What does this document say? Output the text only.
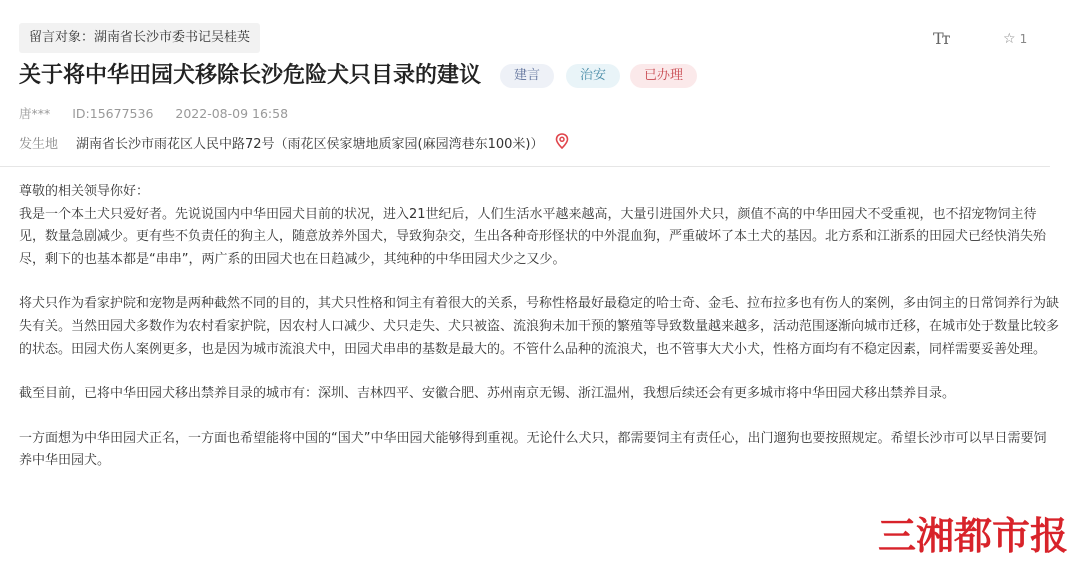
留言对象：湖南省长沙市委书记吴桂英	Tт	☆ 1
关于将中华田园犬移除长沙危险犬只目录的建议	建言	治安	已办理
唐*** ID:15677536 2022-08-09 16:58
发生地 湖南省长沙市雨花区人民中路72号（雨花区侯家塘地质家园(麻园湾巷东100米)）

尊敬的相关领导你好：

我是一个本土犬只爱好者。先说说国内中华田园犬目前的状况，进入21世纪后，人们生活水平越来越高，大量引进国外犬只，颜值不高的中华田园犬不受重视，也不招宠物饲主待见，数量急剧减少。更有些不负责任的狗主人，随意放养外国犬，导致狗杂交，生出各种奇形怪状的中外混血狗，严重破坏了本土犬的基因。北方系和江浙系的田园犬已经快消失殆尽，剩下的也基本都是“串串”，两广系的田园犬也在日趋减少，其纯种的中华田园犬少之又少。

将犬只作为看家护院和宠物是两种截然不同的目的，其犬只性格和饲主有着很大的关系，号称性格最好最稳定的哈士奇、金毛、拉布拉多也有伤人的案例，多由饲主的日常饲养行为缺失有关。当然田园犬多数作为农村看家护院，因农村人口减少、犬只走失、犬只被盗、流浪狗未加干预的繁殖等导致数量越来越多，活动范围逐渐向城市迁移，在城市处于数量比较多的状态。田园犬伤人案例更多，也是因为城市流浪犬中，田园犬串串的基数是最大的。不管什么品种的流浪犬，也不管事大犬小犬，性格方面均有不稳定因素，同样需要妥善处理。

截至目前，已将中华田园犬移出禁养目录的城市有：深圳、吉林四平、安徽合肥、苏州南京无锡、浙江温州，我想后续还会有更多城市将中华田园犬移出禁养目录。

一方面想为中华田园犬正名，一方面也希望能将中国的“国犬”中华田园犬能够得到重视。无论什么犬只，都需要饲主有责任心，出门遛狗也要按照规定。希望长沙市可以早日需要饲养中华田园犬。

三湘都市报
